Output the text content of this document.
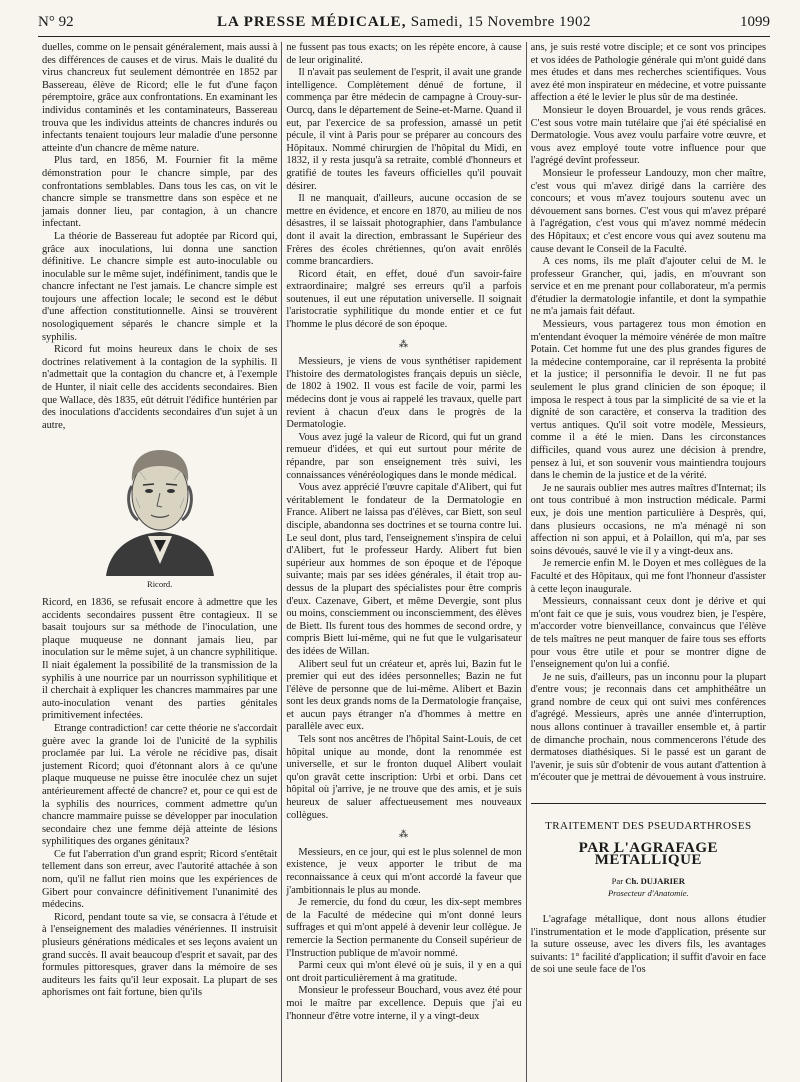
N° 92	LA PRESSE MÉDICALE, Samedi, 15 Novembre 1902	1099

duelles, comme on le pensait généralement, mais aussi à des différences de causes et de virus. Mais le dualité du virus chancreux fut seulement démontrée en 1852 par Bassereau, élève de Ricord; elle le fut d'une façon péremptoire, grâce aux confrontations. En examinant les individus contaminés et les contaminateurs, Bassereau trouva que les individus atteints de chancres indurés ou infectants tenaient toujours leur maladie d'une personne atteinte d'un chancre de même nature.

Plus tard, en 1856, M. Fournier fit la même démonstration pour le chancre simple, par des confrontations semblables. Dans tous les cas, on vit le chancre simple se transmettre dans son espèce et ne jamais donner lieu, par contagion, à un chancre infectant.

La théorie de Bassereau fut adoptée par Ricord qui, grâce aux inoculations, lui donna une sanction définitive. Le chancre simple est auto-inoculable ou inoculable sur le même sujet, indéfiniment, tandis que le chancre infectant ne l'est jamais. Le chancre simple est toujours une affection locale; le second est le début d'une affection constitutionnelle. Ainsi se trouvèrent nosologiquement séparés le chancre simple et la syphilis.

Ricord fut moins heureux dans le choix de ses doctrines relativement à la contagion de la syphilis. Il n'admettait que la contagion du chancre et, à l'exemple de Hunter, il niait celle des accidents secondaires. Bien que Wallace, dès 1835, eût détruit l'édifice huntérien par des inoculations d'accidents secondaires d'un sujet à un autre,

Ricord.

Ricord, en 1836, se refusait encore à admettre que les accidents secondaires pussent être contagieux. Il se basait toujours sur sa méthode de l'inoculation, une plaque muqueuse ne donnant jamais lieu, par inoculation sur le même sujet, à un chancre syphilitique. Il niait également la possibilité de la transmission de la syphilis à une nourrice par un nourrisson syphilitique et il cherchait à expliquer les chancres mammaires par une auto-inoculation venant des parties génitales primitivement infectées.

Etrange contradiction! car cette théorie ne s'accordait guère avec la grande loi de l'unicité de la syphilis proclamée par lui. La vérole ne récidive pas, disait justement Ricord; quoi d'étonnant alors à ce qu'une plaque muqueuse ne puisse être inoculée chez un sujet antérieurement affecté de chancre? et, pour ce qui est de la syphilis des nourrices, comment admettre qu'un chancre mammaire puisse se développer par inoculation secondaire chez une femme déjà atteinte de lésions syphilitiques des organes génitaux?

Ce fut l'aberration d'un grand esprit; Ricord s'entêtait tellement dans son erreur, avec l'autorité attachée à son nom, qu'il ne fallut rien moins que les expériences de Gibert pour convaincre définitivement l'unanimité des médecins.

Ricord, pendant toute sa vie, se consacra à l'étude et à l'enseignement des maladies vénériennes. Il instruisit plusieurs générations médicales et ses leçons avaient un grand succès. Il avait beaucoup d'esprit et savait, par des formules pittoresques, graver dans la mémoire de ses auditeurs les faits qu'il leur exposait. La plupart de ses aphorismes ont fait fortune, bien qu'ils

ne fussent pas tous exacts; on les répète encore, à cause de leur originalité.

Il n'avait pas seulement de l'esprit, il avait une grande intelligence. Complètement dénué de fortune, il commença par être médecin de campagne à Crouy-sur-Ourcq, dans le département de Seine-et-Marne. Quand il eut, par l'exercice de sa profession, amassé un petit pécule, il vint à Paris pour se préparer au concours des Hôpitaux. Nommé chirurgien de l'hôpital du Midi, en 1832, il y resta jusqu'à sa retraite, comblé d'honneurs et gratifié de toutes les faveurs officielles qu'il pouvait désirer.

Il ne manquait, d'ailleurs, aucune occasion de se mettre en évidence, et encore en 1870, au milieu de nos désastres, il se laissait photographier, dans l'ambulance dont il avait la direction, embrassant le Supérieur des Frères des écoles chrétiennes, qu'on avait enrôlés comme brancardiers.

Ricord était, en effet, doué d'un savoir-faire extraordinaire; malgré ses erreurs qu'il a parfois soutenues, il eut une réputation universelle. Il soignait l'aristocratie syphilitique du monde entier et ce fut l'homme le plus décoré de son époque.

⁂

Messieurs, je viens de vous synthétiser rapidement l'histoire des dermatologistes français depuis un siècle, de 1802 à 1902. Il vous est facile de voir, parmi les médecins dont je vous ai rappelé les travaux, quelle part revient à chacun d'eux dans le progrès de la Dermatologie.

Vous avez jugé la valeur de Ricord, qui fut un grand remueur d'idées, et qui eut surtout pour mérite de répandre, par son enseignement très suivi, les connaissances vénéréologiques dans le monde médical.

Vous avez apprécié l'œuvre capitale d'Alibert, qui fut véritablement le fondateur de la Dermatologie en France. Alibert ne laissa pas d'élèves, car Biett, son seul disciple, abandonna ses doctrines et se tourna contre lui. Le seul dont, plus tard, l'enseignement s'inspira de celui d'Alibert, fut le professeur Hardy. Alibert fut bien supérieur aux hommes de son époque et de l'époque suivante; mais par ses idées générales, il était trop au-dessus de la plupart des spécialistes pour être compris d'eux. Cazenave, Gibert, et même Devergie, sont plus ou moins, consciemment ou inconsciemment, des élèves de Biett. Ils furent tous des hommes de second ordre, y compris Biett lui-même, qui ne fut que le vulgarisateur des idées de Willan.

Alibert seul fut un créateur et, après lui, Bazin fut le premier qui eut des idées personnelles; Bazin ne fut l'élève de personne que de lui-même. Alibert et Bazin sont les deux grands noms de la Dermatologie française, et aucun pays étranger n'a d'hommes à mettre en parallèle avec eux.

Tels sont nos ancêtres de l'hôpital Saint-Louis, de cet hôpital unique au monde, dont la renommée est universelle, et sur le fronton duquel Alibert voulait qu'on gravât cette inscription: Urbi et orbi. Dans cet hôpital où j'arrive, je ne trouve que des amis, et je suis heureux de saluer affectueusement mes nouveaux collègues.

⁂

Messieurs, en ce jour, qui est le plus solennel de mon existence, je veux apporter le tribut de ma reconnaissance à ceux qui m'ont accordé la faveur que j'ambitionnais le plus au monde.

Je remercie, du fond du cœur, les dix-sept membres de la Faculté de médecine qui m'ont donné leurs suffrages et qui m'ont appelé à devenir leur collègue. Je remercie la Section permanente du Conseil supérieur de l'Instruction publique de m'avoir nommé.

Parmi ceux qui m'ont élevé où je suis, il y en a qui ont droit particulièrement à ma gratitude.

Monsieur le professeur Bouchard, vous avez été pour moi le maître par excellence. Depuis que j'ai eu l'honneur d'être votre interne, il y a vingt-deux

ans, je suis resté votre disciple; et ce sont vos principes et vos idées de Pathologie générale qui m'ont guidé dans mes études et dans mes recherches scientifiques. Vous avez été mon inspirateur en médecine, et votre puissante affection a été le levier le plus sûr de ma destinée.

Monsieur le doyen Brouardel, je vous rends grâces. C'est sous votre main tutélaire que j'ai été spécialisé en Dermatologie. Vous avez voulu parfaire votre œuvre, et vous avez employé toute votre influence pour que l'agrégé devînt professeur.

Monsieur le professeur Landouzy, mon cher maître, c'est vous qui m'avez dirigé dans la carrière des concours; et vous m'avez toujours soutenu avec un dévouement sans bornes. C'est vous qui m'avez préparé à l'agrégation, c'est vous qui m'avez nommé médecin des Hôpitaux; et c'est encore vous qui avez soutenu ma cause devant le Conseil de la Faculté.

A ces noms, ils me plaît d'ajouter celui de M. le professeur Grancher, qui, jadis, en m'ouvrant son service et en me prenant pour collaborateur, m'a permis d'étudier la dermatologie infantile, et dont la sympathie ne m'a jamais fait défaut.

Messieurs, vous partagerez tous mon émotion en m'entendant évoquer la mémoire vénérée de mon maître Potain. Cet homme fut une des plus grandes figures de la médecine contemporaine, car il représenta la probité et la justice; il personnifia le devoir. Il ne fut pas seulement le plus grand clinicien de son époque; il imposa le respect à tous par la simplicité de sa vie et la dignité de son caractère, et conserva la tradition des vertus antiques. Qu'il soit votre modèle, Messieurs, comme il a été le mien. Dans les circonstances difficiles, quand vous aurez une décision à prendre, pensez à lui, et son souvenir vous maintiendra toujours dans le chemin de la justice et de la vérité.

Je ne saurais oublier mes autres maîtres d'Internat; ils ont tous contribué à mon instruction médicale. Parmi eux, je dois une mention particulière à Desprès, qui, dans plusieurs occasions, ne m'a ménagé ni son affection ni son appui, et à Polaillon, qui m'a, par ses soins dévoués, sauvé le vie il y a vingt-deux ans.

Je remercie enfin M. le Doyen et mes collègues de la Faculté et des Hôpitaux, qui me font l'honneur d'assister à cette leçon inaugurale.

Messieurs, connaissant ceux dont je dérive et qui m'ont fait ce que je suis, vous voudrez bien, je l'espère, m'accorder votre bienveillance, convaincus que l'élève de tels maîtres ne peut manquer de faire tous ses efforts pour vous être utile et pour se montrer digne de l'enseignement qu'on lui a confié.

Je ne suis, d'ailleurs, pas un inconnu pour la plupart d'entre vous; je reconnais dans cet amphithéâtre un grand nombre de ceux qui ont suivi mes conférences d'agrégé. Messieurs, après une année d'interruption, nous allons continuer à travailler ensemble et, à partir de dimanche prochain, nous commencerons l'étude des dermatoses diathésiques. Si le passé est un garant de l'avenir, je suis sûr d'obtenir de vous autant d'attention à m'écouter que je mettrai de dévouement à vous instruire.

TRAITEMENT DES PSEUDARTHROSES
PAR L'AGRAFAGE MÉTALLIQUE
Par Ch. DUJARIER
Prosecteur d'Anatomie.

L'agrafage métallique, dont nous allons étudier l'instrumentation et le mode d'application, présente sur la suture osseuse, avec les divers fils, les avantages suivants: 1° facilité d'application; il suffit d'avoir en face de soi une seule face de l'os
